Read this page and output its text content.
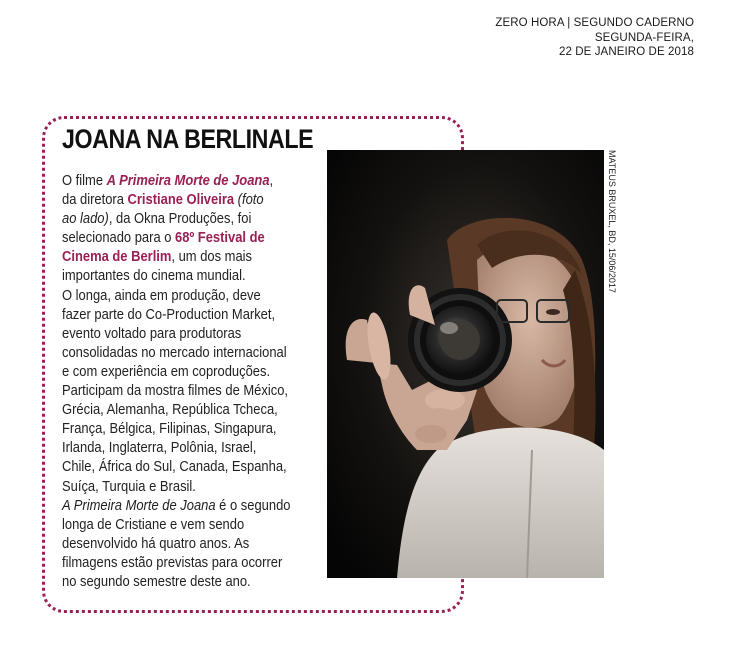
ZERO HORA | SEGUNDO CADERNO
SEGUNDA-FEIRA,
22 DE JANEIRO DE 2018
JOANA NA BERLINALE

O filme A Primeira Morte de Joana,
da diretora Cristiane Oliveira (foto
ao lado), da Okna Produções, foi
selecionado para o 68º Festival de
Cinema de Berlim, um dos mais
importantes do cinema mundial.

O longa, ainda em produção, deve
fazer parte do Co-Production Market,
evento voltado para produtoras
consolidadas no mercado internacional
e com experiência em coproduções.
Participam da mostra filmes de México,
Grécia, Alemanha, República Tcheca,
França, Bélgica, Filipinas, Singapura,
Irlanda, Inglaterra, Polônia, Israel,
Chile, África do Sul, Canada, Espanha,
Suíça, Turquia e Brasil.

A Primeira Morte de Joana é o segundo
longa de Cristiane e vem sendo
desenvolvido há quatro anos. As
filmagens estão previstas para ocorrer
no segundo semestre deste ano.

MATEUS BRUXEL, BD, 15/06/2017
